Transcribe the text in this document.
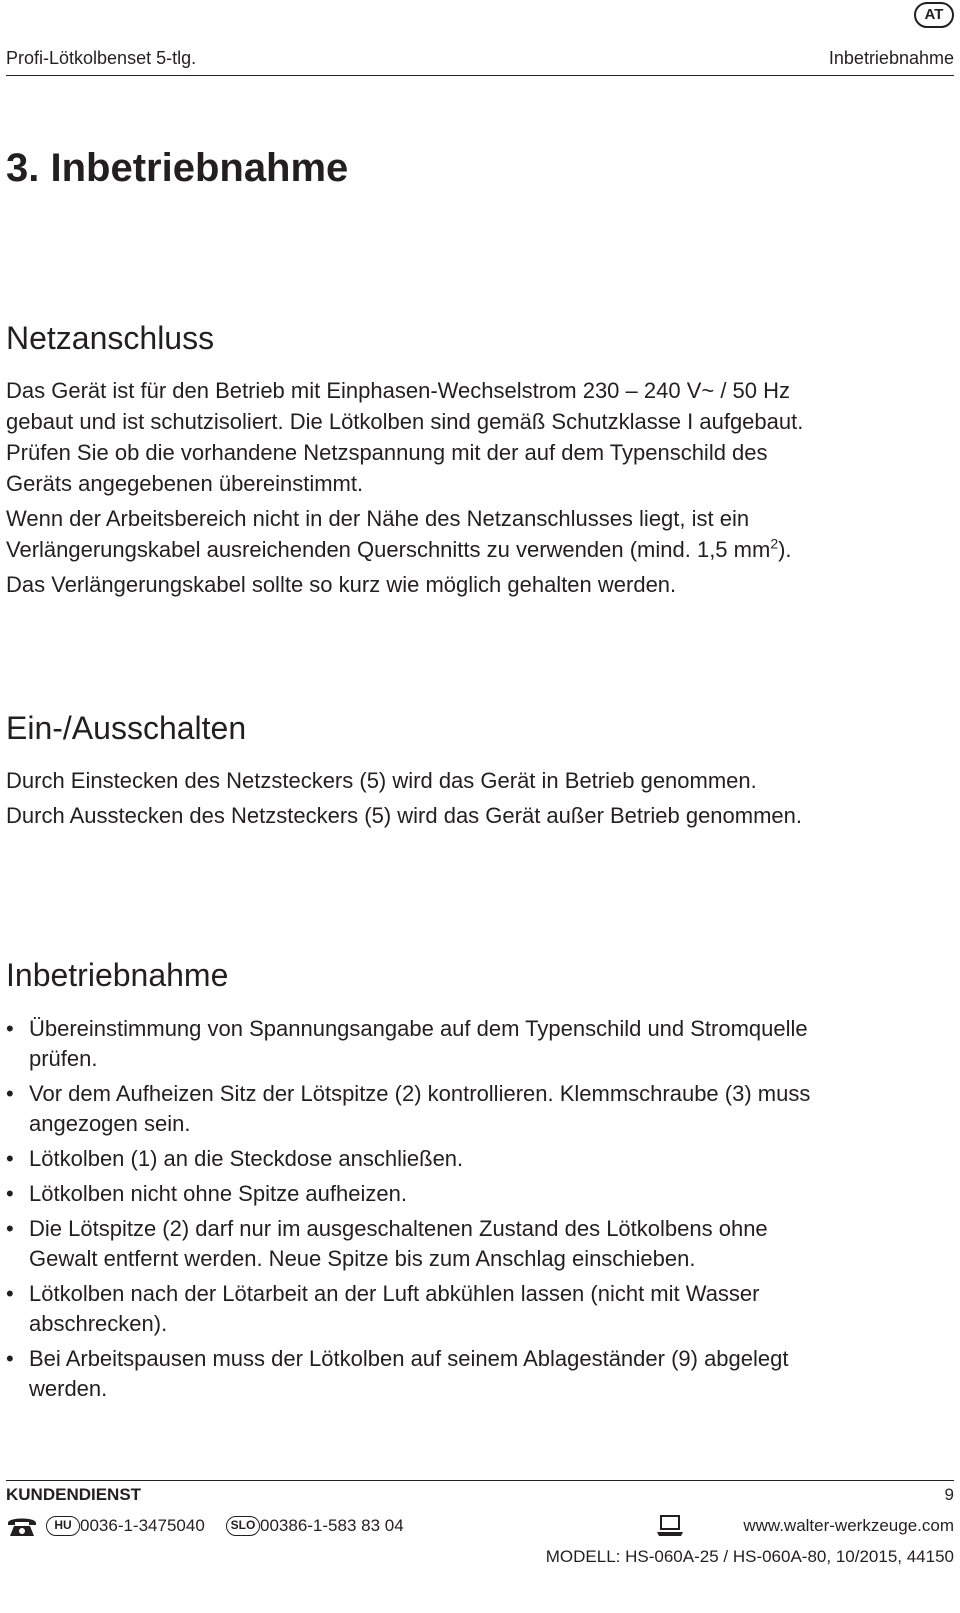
AT
Profi-Lötkolbenset 5-tlg.	Inbetriebnahme
3. Inbetriebnahme
Netzanschluss
Das Gerät ist für den Betrieb mit Einphasen-Wechselstrom 230 – 240 V~ / 50 Hz
gebaut und ist schutzisoliert. Die Lötkolben sind gemäß Schutzklasse I aufgebaut.
Prüfen Sie ob die vorhandene Netzspannung mit der auf dem Typenschild des
Geräts angegebenen übereinstimmt.
Wenn der Arbeitsbereich nicht in der Nähe des Netzanschlusses liegt, ist ein
Verlängerungskabel ausreichenden Querschnitts zu verwenden (mind. 1,5 $mm^2$).
Das Verlängerungskabel sollte so kurz wie möglich gehalten werden.
Ein-/Ausschalten
Durch Einstecken des Netzsteckers (5) wird das Gerät in Betrieb genommen.
Durch Ausstecken des Netzsteckers (5) wird das Gerät außer Betrieb genommen.
Inbetriebnahme
• Übereinstimmung von Spannungsangabe auf dem Typenschild und Stromquelle
prüfen.
• Vor dem Aufheizen Sitz der Lötspitze (2) kontrollieren. Klemmschraube (3) muss
angezogen sein.
• Lötkolben (1) an die Steckdose anschließen.
• Lötkolben nicht ohne Spitze aufheizen.
• Die Lötspitze (2) darf nur im ausgeschaltenen Zustand des Lötkolbens ohne
Gewalt entfernt werden. Neue Spitze bis zum Anschlag einschieben.
• Lötkolben nach der Lötarbeit an der Luft abkühlen lassen (nicht mit Wasser
abschrecken).
• Bei Arbeitspausen muss der Lötkolben auf seinem Ablageständer (9) abgelegt
werden.
KUNDENDIENST	9
HU 0036-1-3475040	SLO 00386-1-583 83 04	www.walter-werkzeuge.com
MODELL: HS-060A-25 / HS-060A-80, 10/2015, 44150
